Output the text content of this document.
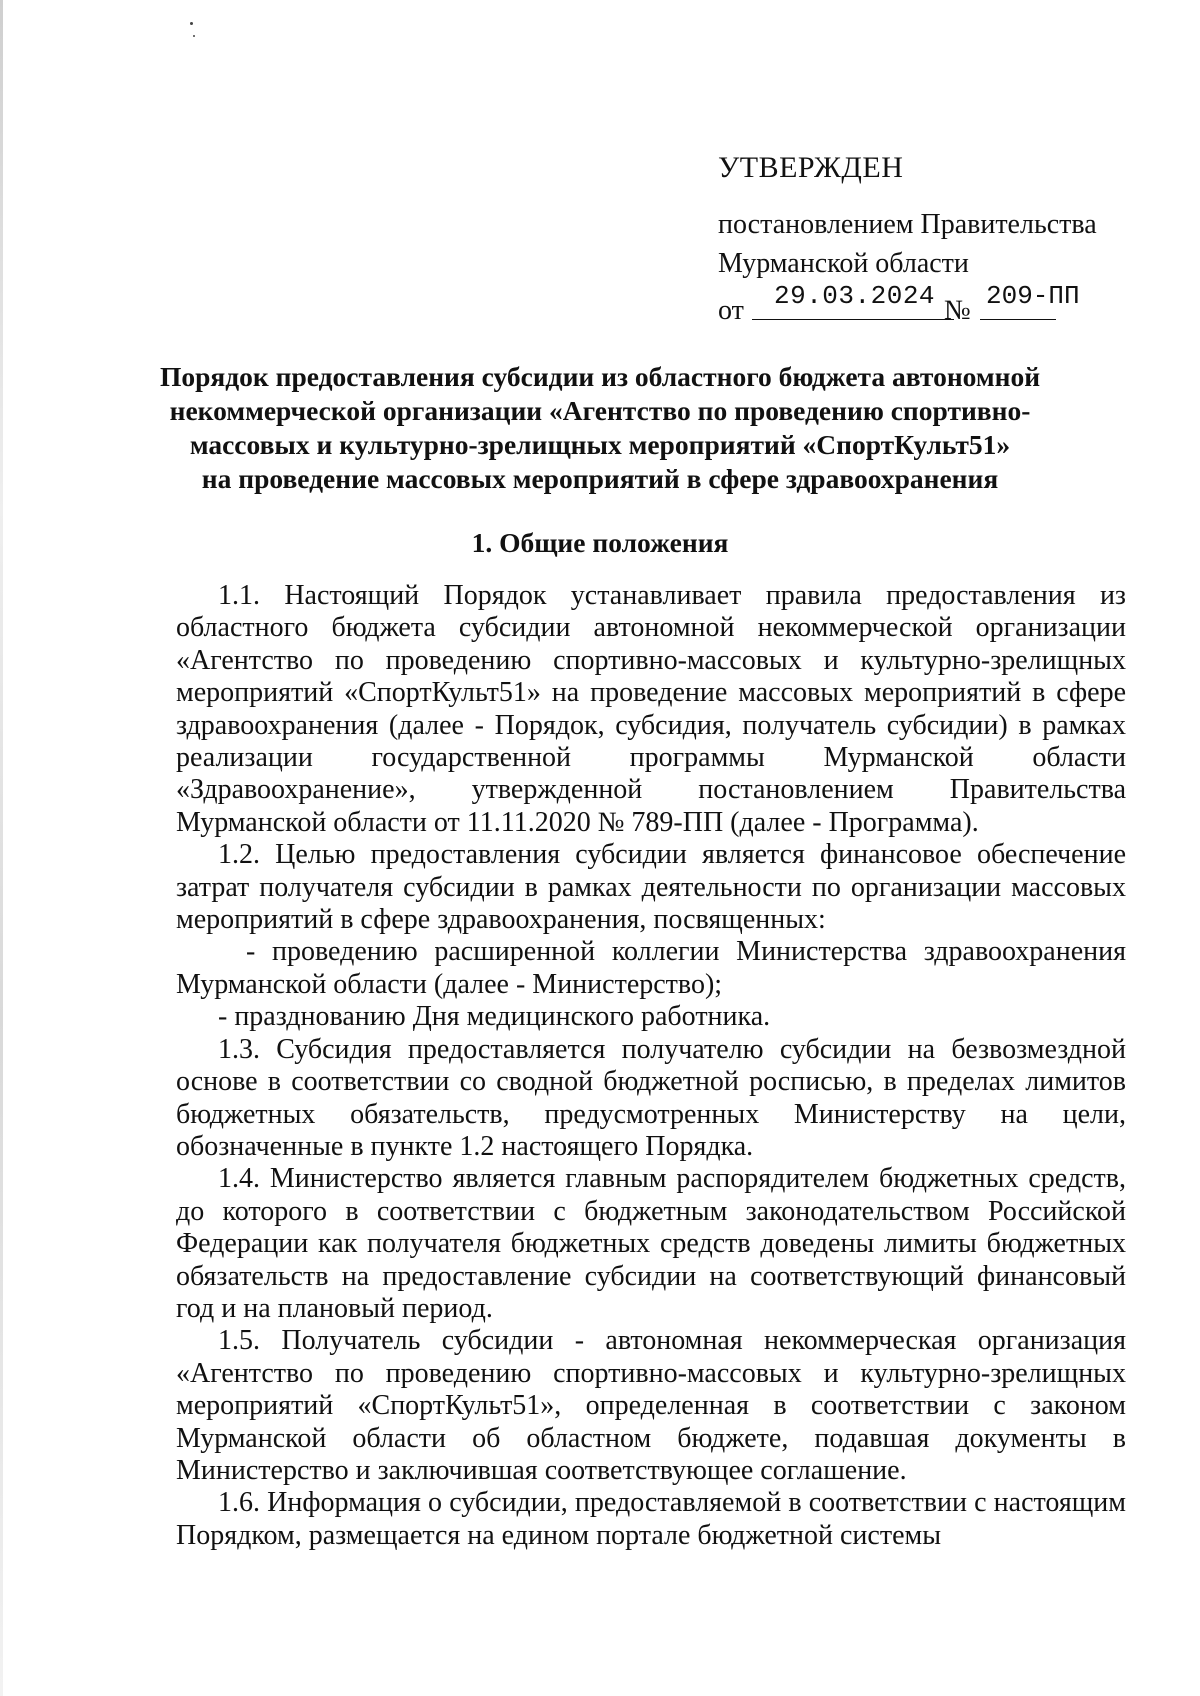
УТВЕРЖДЕН
постановлением Правительства
Мурманской области
от 29.03.2024 № 209-ПП
Порядок предоставления субсидии из областного бюджета автономной
некоммерческой организации «Агентство по проведению спортивно-
массовых и культурно-зрелищных мероприятий «СпортКульт51»
на проведение массовых мероприятий в сфере здравоохранения
1. Общие положения

1.1. Настоящий Порядок устанавливает правила предоставления из областного бюджета субсидии автономной некоммерческой организации «Агентство по проведению спортивно-массовых и культурно-зрелищных мероприятий «СпортКульт51» на проведение массовых мероприятий в сфере здравоохранения (далее - Порядок, субсидия, получатель субсидии) в рамках реализации государственной программы Мурманской области «Здравоохранение», утвержденной постановлением Правительства Мурманской области от 11.11.2020 № 789-ПП (далее - Программа).

1.2. Целью предоставления субсидии является финансовое обеспечение затрат получателя субсидии в рамках деятельности по организации массовых мероприятий в сфере здравоохранения, посвященных:

- проведению расширенной коллегии Министерства здравоохранения Мурманской области (далее - Министерство);

- празднованию Дня медицинского работника.

1.3. Субсидия предоставляется получателю субсидии на безвозмездной основе в соответствии со сводной бюджетной росписью, в пределах лимитов бюджетных обязательств, предусмотренных Министерству на цели, обозначенные в пункте 1.2 настоящего Порядка.

1.4. Министерство является главным распорядителем бюджетных средств, до которого в соответствии с бюджетным законодательством Российской Федерации как получателя бюджетных средств доведены лимиты бюджетных обязательств на предоставление субсидии на соответствующий финансовый год и на плановый период.

1.5. Получатель субсидии - автономная некоммерческая организация «Агентство по проведению спортивно-массовых и культурно-зрелищных мероприятий «СпортКульт51», определенная в соответствии с законом Мурманской области об областном бюджете, подавшая документы в Министерство и заключившая соответствующее соглашение.

1.6. Информация о субсидии, предоставляемой в соответствии с настоящим Порядком, размещается на едином портале бюджетной системы
